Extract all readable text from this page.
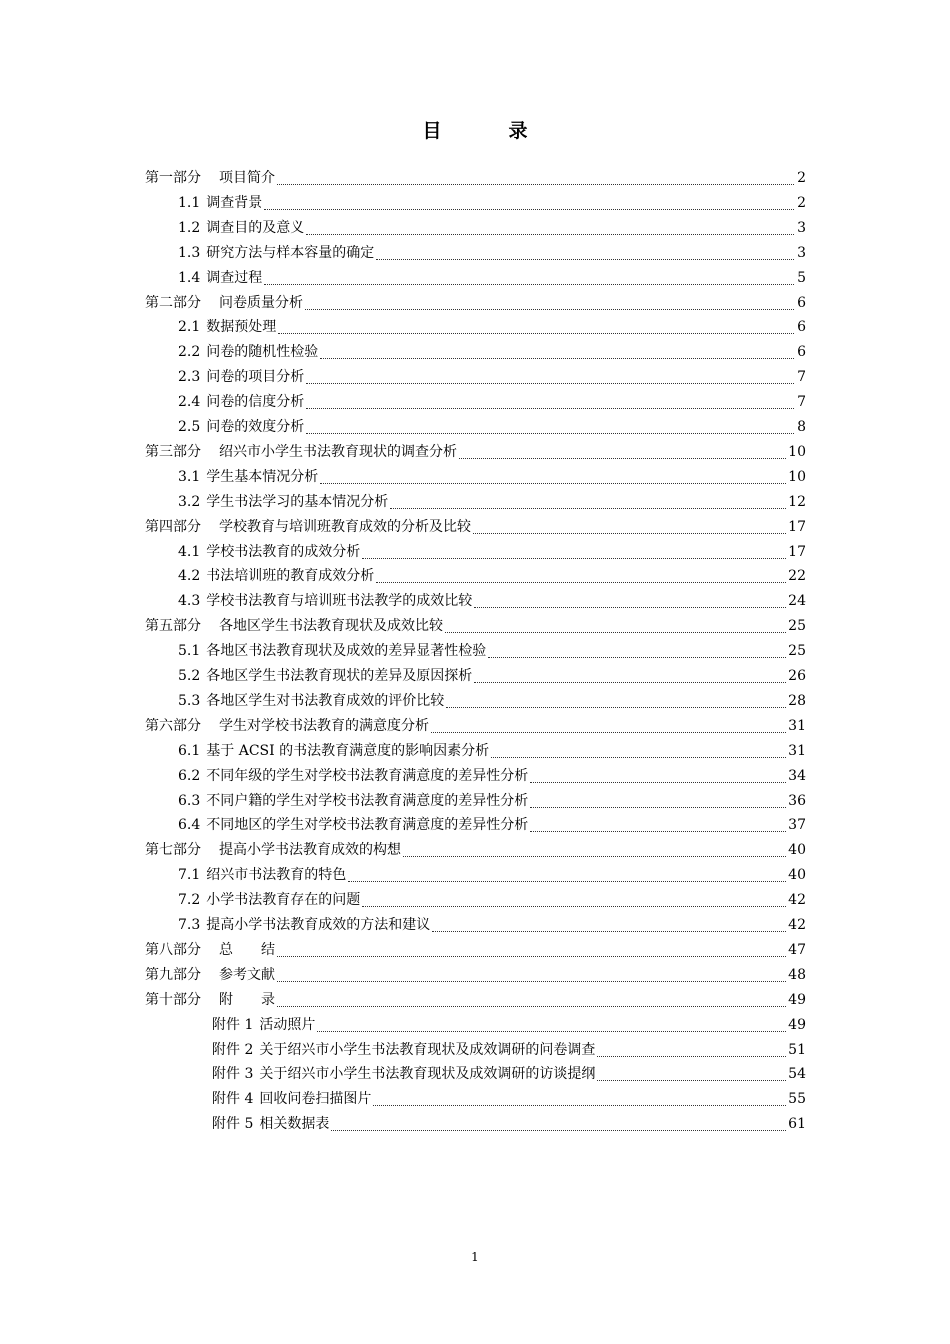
目　录
第一部分 项目简介	2
1.1 调查背景	2
1.2 调查目的及意义	3
1.3 研究方法与样本容量的确定	3
1.4 调查过程	5
第二部分 问卷质量分析	6
2.1 数据预处理	6
2.2 问卷的随机性检验	6
2.3 问卷的项目分析	7
2.4 问卷的信度分析	7
2.5 问卷的效度分析	8
第三部分 绍兴市小学生书法教育现状的调查分析	10
3.1 学生基本情况分析	10
3.2 学生书法学习的基本情况分析	12
第四部分 学校教育与培训班教育成效的分析及比较	17
4.1 学校书法教育的成效分析	17
4.2 书法培训班的教育成效分析	22
4.3 学校书法教育与培训班书法教学的成效比较	24
第五部分 各地区学生书法教育现状及成效比较	25
5.1 各地区书法教育现状及成效的差异显著性检验	25
5.2 各地区学生书法教育现状的差异及原因探析	26
5.3 各地区学生对书法教育成效的评价比较	28
第六部分 学生对学校书法教育的满意度分析	31
6.1 基于 ACSI 的书法教育满意度的影响因素分析	31
6.2 不同年级的学生对学校书法教育满意度的差异性分析	34
6.3 不同户籍的学生对学校书法教育满意度的差异性分析	36
6.4 不同地区的学生对学校书法教育满意度的差异性分析	37
第七部分 提高小学书法教育成效的构想	40
7.1 绍兴市书法教育的特色	40
7.2 小学书法教育存在的问题	42
7.3 提高小学书法教育成效的方法和建议	42
第八部分 总　　结	47
第九部分 参考文献	48
第十部分 附　　录	49
附件 1 活动照片	49
附件 2 关于绍兴市小学生书法教育现状及成效调研的问卷调查	51
附件 3 关于绍兴市小学生书法教育现状及成效调研的访谈提纲	54
附件 4 回收问卷扫描图片	55
附件 5 相关数据表	61
1
